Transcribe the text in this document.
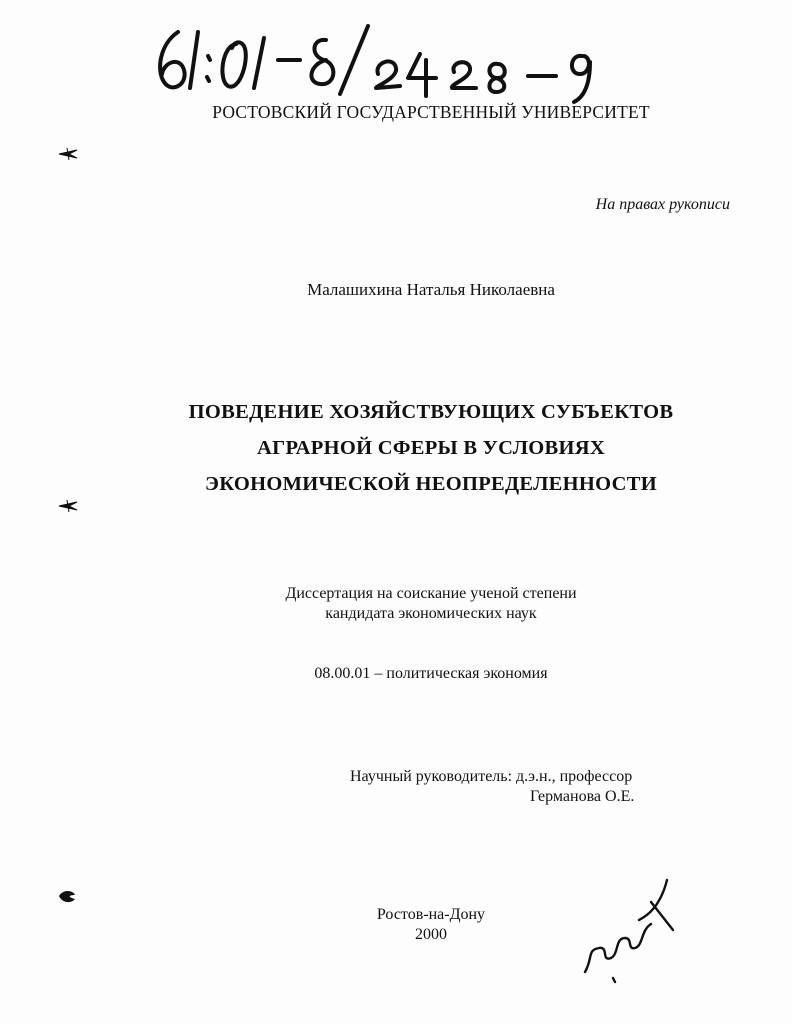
РОСТОВСКИЙ ГОСУДАРСТВЕННЫЙ УНИВЕРСИТЕТ

На правах рукописи

Малашихина Наталья Николаевна

ПОВЕДЕНИЕ ХОЗЯЙСТВУЮЩИХ СУБЪЕКТОВ
АГРАРНОЙ СФЕРЫ В УСЛОВИЯХ
ЭКОНОМИЧЕСКОЙ НЕОПРЕДЕЛЕННОСТИ

Диссертация на соискание ученой степени
кандидата экономических наук

08.00.01 – политическая экономия

Научный руководитель: д.э.н., профессор

Германова О.Е.

Ростов-на-Дону
2000
